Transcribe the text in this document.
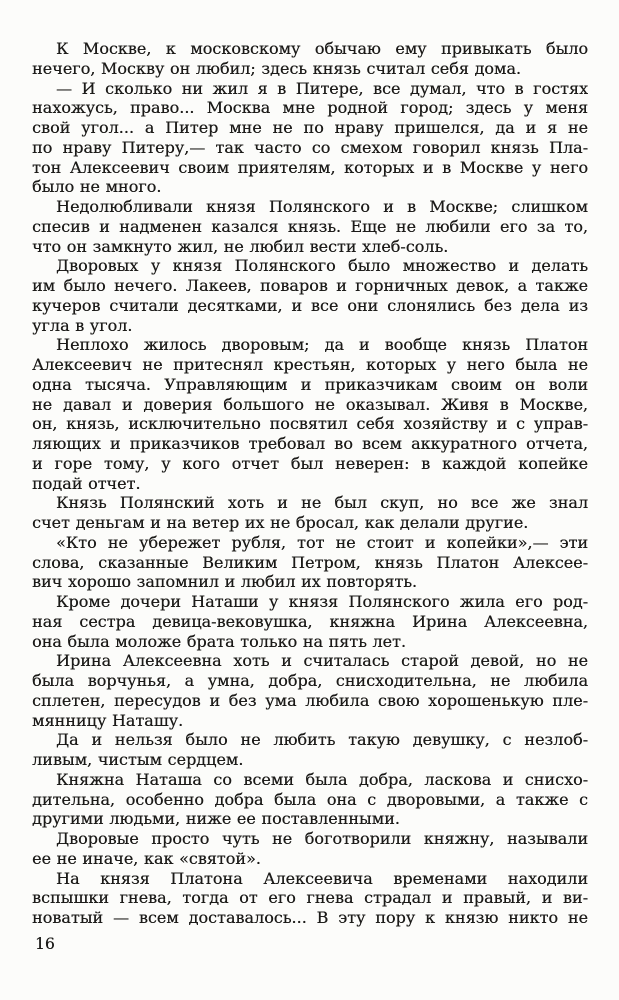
К Москве, к московскому обычаю ему привыкать было
нечего, Москву он любил; здесь князь считал себя дома.
— И сколько ни жил я в Питере, все думал, что в гостях
нахожусь, право... Москва мне родной город; здесь у меня
свой угол... а Питер мне не по нраву пришелся, да и я не
по нраву Питеру,— так часто со смехом говорил князь Пла-
тон Алексеевич своим приятелям, которых и в Москве у него
было не много.
Недолюбливали князя Полянского и в Москве; слишком
спесив и надменен казался князь. Еще не любили его за то,
что он замкнуто жил, не любил вести хлеб-соль.
Дворовых у князя Полянского было множество и делать
им было нечего. Лакеев, поваров и горничных девок, а также
кучеров считали десятками, и все они слонялись без дела из
угла в угол.
Неплохо жилось дворовым; да и вообще князь Платон
Алексеевич не притеснял крестьян, которых у него была не
одна тысяча. Управляющим и приказчикам своим он воли
не давал и доверия большого не оказывал. Живя в Москве,
он, князь, исключительно посвятил себя хозяйству и с управ-
ляющих и приказчиков требовал во всем аккуратного отчета,
и горе тому, у кого отчет был неверен: в каждой копейке
подай отчет.
Князь Полянский хоть и не был скуп, но все же знал
счет деньгам и на ветер их не бросал, как делали другие.
«Кто не убережет рубля, тот не стоит и копейки»,— эти
слова, сказанные Великим Петром, князь Платон Алексее-
вич хорошо запомнил и любил их повторять.
Кроме дочери Наташи у князя Полянского жила его род-
ная сестра девица-вековушка, княжна Ирина Алексеевна,
она была моложе брата только на пять лет.
Ирина Алексеевна хоть и считалась старой девой, но не
была ворчунья, а умна, добра, снисходительна, не любила
сплетен, пересудов и без ума любила свою хорошенькую пле-
мянницу Наташу.
Да и нельзя было не любить такую девушку, с незлоб-
ливым, чистым сердцем.
Княжна Наташа со всеми была добра, ласкова и снисхо-
дительна, особенно добра была она с дворовыми, а также с
другими людьми, ниже ее поставленными.
Дворовые просто чуть не боготворили княжну, называли
ее не иначе, как «святой».
На князя Платона Алексеевича временами находили
вспышки гнева, тогда от его гнева страдал и правый, и ви-
новатый — всем доставалось... В эту пору к князю никто не
16
